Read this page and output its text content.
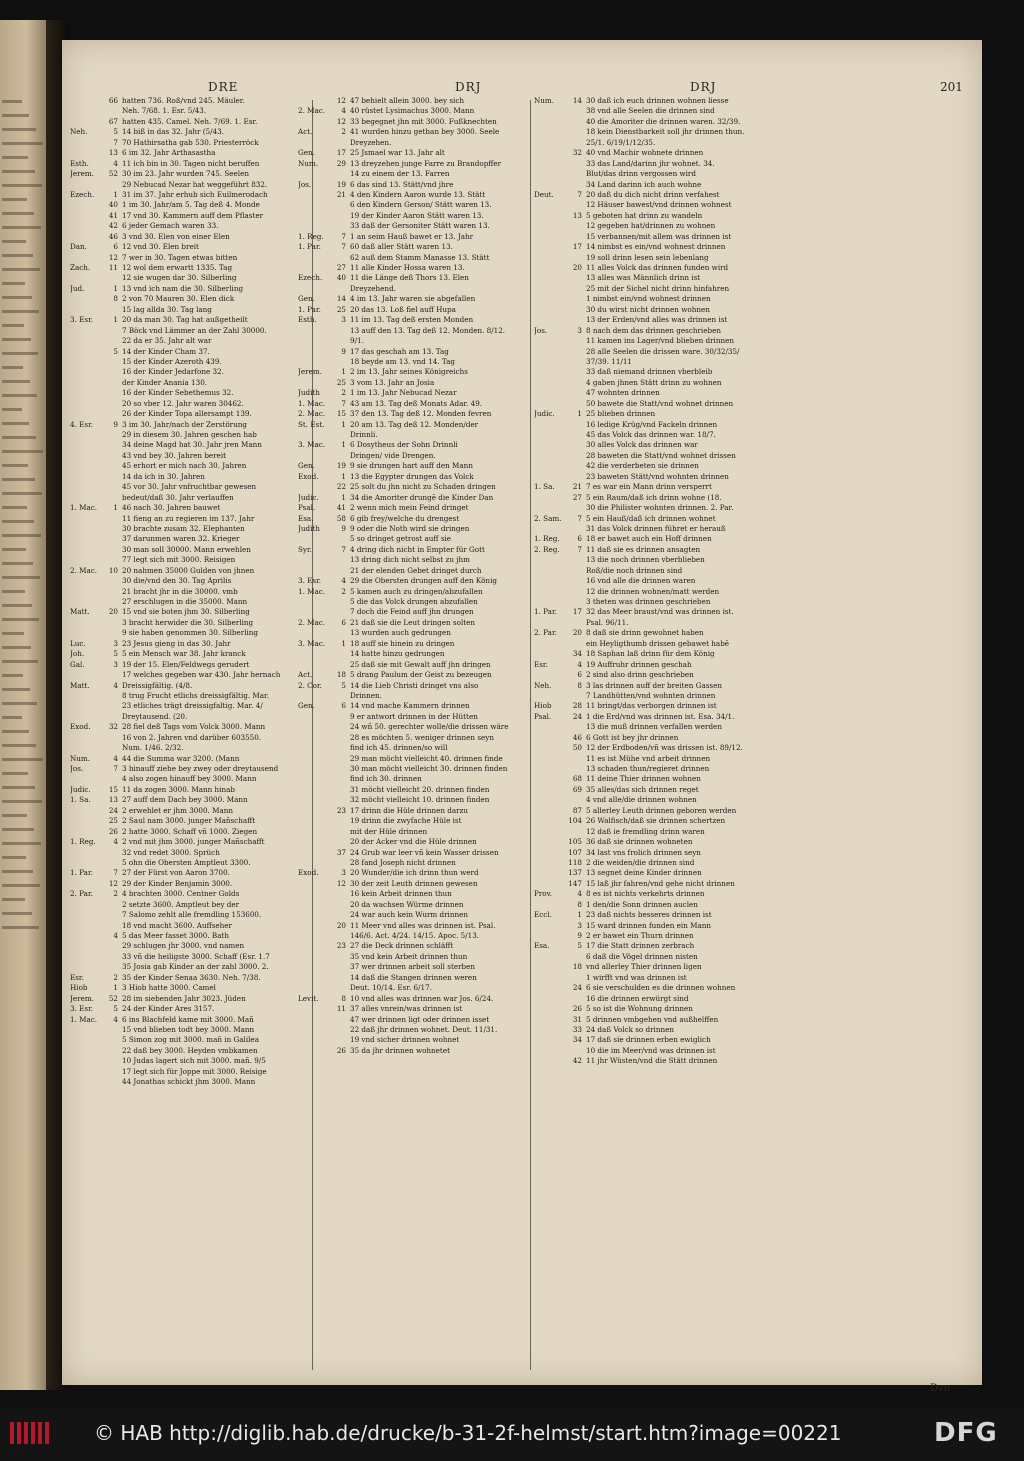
DRE	DRJ	DRJ	201
66 hatten 736. Roß/vnd 245. Mäuler.
Neh. 7/68. 1. Esr. 5/43.
67 hatten 435. Camel. Neh. 7/69. 1. Esr.
Neh.	5 14 biß in das 32. Jahr (5/43.
7 70 Hathirsatha gab 530. Priesterröck
13 6 im 32. Jahr Arthasastha
Esth.	4 11 ich bin in 30. Tagen nicht beruffen
Jerem. 52 30 im 23. Jahr wurden 745. Seelen
29 Nebucad Nezar hat weggeführt 832.
Ezech.	1 31 im 37. Jahr erhub sich Euilmerodach
40 1 im 30. Jahr/am 5. Tag deß 4. Monde
41 17 vnd 30. Kammern auff dem Pflaster
42 6 jeder Gemach waren 33.
46 3 vnd 30. Elen von einer Elen
Dan.	6 12 vnd 30. Elen breit
12 7 wer in 30. Tagen etwas bitten
Zach.	11 12 wol dem erwartt 1335. Tag
12 sie wugen dar 30. Silberling
Jud.	1 13 vnd ich nam die 30. Silberling
8 2 von 70 Mauren 30. Elen dick
15 lag allda 30. Tag lang
3. Esr.	1 20 da man 30. Tag hat außgetheilt
7 Böck vnd Lämmer an der Zahl 30000.
22 da er 35. Jahr alt war
5 14 der Kinder Cham 37.
15 der Kinder Azeroth 439.
16 der Kinder Jedarfone 32.
der Kinder Anania 130.
16 der Kinder Sebethemus 32.
20 so vber 12. Jahr waren 30462.
26 der Kinder Topa allersampt 139.
4. Esr.	9 3 im 30. Jahr/nach der Zerstörung
29 in diesem 30. Jahren geschen hab
34 deine Magd hat 30. Jahr jren Mann
43 vnd bey 30. Jahren bereit
45 erhort er mich nach 30. Jahren
14 da ich in 30. Jahren
45 vor 30. Jahr vnfruchtbar gewesen
bedeut/daß 30. Jahr verlauffen
1. Mac. 1 46 nach 30. Jahren bauwet
11 fieng an zu regieren im 137. Jahr
30 brachte zusam 32. Elephanten
37 darunmen waren 32. Krieger
30 man soll 30000. Mann erwehlen
77 legt sich mit 3000. Reisigen
2. Mac. 10 20 nahmen 35000 Gulden von jhnen
30 die/vnd den 30. Tag Aprilis
21 bracht jhr in die 30000. vmb
27 erschlugen in die 35000. Mann
Matt.	20 15 vnd sie boten jhm 30. Silberling
3 bracht herwider die 30. Silberling
9 sie haben genommen 30. Silberling
Luc.	3 23 Jesus gieng in das 30. Jahr
Joh.	5 5 ein Mensch war 38. Jahr kranck
Gal.	3 19 der 15. Elen/Feldwegs gerudert
17 welches gegeben war 430. Jahr hernach
Matt.	4 Dreissigfältig. (4/8.
8 trug Frucht etlichs dreissigfältig. Mar.
23 etliches trägt dreissigfaltig. Mar. 4/
Dreytausend. (20.
Exod.	32 28 fiel deß Tags vom Volck 3000. Mann
16 von 2. Jahren vnd darüber 603550.
Num. 1/46. 2/32.
Num.	4 44 die Summa war 3200. (Mann
Jos.	7 3 hinauff ziehe bey zwey oder dreytausend
4 also zogen hinauff bey 3000. Mann
Judic.	15 11 da zogen 3000. Mann hinab
1. Sa.	13 27 auff dem Dach bey 3000. Mann
24 2 erwehlet er jhm 3000. Mann
25 2 Saul nam 3000. junger Mañschafft
26 2 hatte 3000. Schaff vñ 1000. Ziegen
1. Reg. 4 2 vnd mit jhm 3000. junger Mañschafft
32 vnd redet 3000. Sprüch
5 ohn die Obersten Amptleut 3300.
1. Par.	7 27 der Fürst von Aaron 3700.
12 29 der Kinder Benjamin 3000.
2. Par.	2 4 brachten 3000. Centner Golds
2 setzte 3600. Amptleut bey der
7 Salomo zehlt alle fremdling 153600.
18 vnd macht 3600. Auffseher
4 5 das Meer fasset 3000. Bath
29 schlugen jhr 3000. vnd namen
33 vñ die heiligste 3000. Schaff (Esr. 1.7
35 Josia gab Kinder an der zahl 3000. 2.
Esr.	2 35 der Kinder Senaa 3630. Neh. 7/38.
Hiob	1 3 Hiob hatte 3000. Camel
Jerem. 52 28 im siebenden Jahr 3023. Jüden
3. Esr.	5 24 der Kinder Ares 3157.
1. Mac. 4 6 ins Blachfeld kame mit 3000. Mañ
15 vnd blieben todt bey 3000. Mann
5 Simon zog mit 3000. mañ in Galilea
22 daß bey 3000. Heyden vmbkamen
10 Judas lagert sich mit 3000. mañ. 9/5
17 legt sich für Joppe mit 3000. Reisige
44 Jonathas schickt jhm 3000. Mann
12 47 behielt allein 3000. bey sich
2. Mac. 4 40 rüstet Lysimachus 3000. Mann
12 33 begegnet jhn mit 3000. Fußknechten
Act.	2 41 wurden hinzu gethan bey 3000. Seele
Dreyzehen.
Gen.	17 25 Jsmael war 13. Jahr alt
Num.	29 13 dreyzehen junge Farre zu Brandopffer
14 zu einem der 13. Farren
Jos.	19 6 das sind 13. Stätt/vnd jhre
21 4 den Kindern Aaron wurde 13. Stätt
6 den Kindern Gerson/ Stätt waren 13.
19 der Kinder Aaron Stätt waren 13.
33 daß der Gersoniter Stätt waren 13.
1. Reg. 7 1 an seim Hauß bawet er 13. Jahr
1. Par.	7 60 daß aller Stätt waren 13.
62 auß dem Stamm Manasse 13. Stätt
27 11 alle Kinder Hossa waren 13.
Ezech. 40 11 die Länge deß Thors 13. Elen
Dreyzehend.
Gen.	14 4 im 13. Jahr waren sie abgefallen
1. Par. 25 20 das 13. Loß fiel auff Hupa
Esth.	3 11 im 13. Tag deß ersten Monden
13 auff den 13. Tag deß 12. Monden. 8/12.
9/1.
9 17 das geschah am 13. Tag
18 beyde am 13. vnd 14. Tag
Jerem.	1 2 im 13. Jahr seines Königreichs
25 3 vom 13. Jahr an Josia
Judith	2 1 im 13. Jahr Nebucad Nezar
1. Mac. 7 43 am 13. Tag deß Monats Adar. 49.
2. Mac. 15 37 den 13. Tag deß 12. Monden fevren
St. Est. 1 20 am 13. Tag deß 12. Monden/der
Drinnli.
3. Mac. 1 6 Dosytheus der Sohn Drinnli
Dringen/ vide Drengen.
Gen.	19 9 sie drungen hart auff den Mann
Exod.	1 13 die Egypter drungen das Volck
22 25 solt du jhn nicht zu Schaden dringen
Judic.	1 34 die Amoriter drungē die Kinder Dan
Psal.	41 2 wenn mich mein Feind dringet
Esa.	58 6 gib frey/welche du drengest
Judith	9 9 oder die Noth wird sie dringen
5 so dringet getrost auff sie
Syr.	7 4 dring dich nicht in Empter für Gott
13 dring dich nicht selbst zu jhm
21 der elenden Gebet dringet durch
3. Esr.	4 29 die Obersten drungen auff den König
1. Mac. 2 5 kamen auch zu dringen/abzufallen
5 die das Volck drungen abzufallen
7 doch die Feind auff jhn drungen
2. Mac. 6 21 daß sie die Leut dringen solten
13 wurden auch gedrungen
3. Mac. 1 18 auff sie hinein zu dringen
14 hatte hinzu gedrungen
25 daß sie mit Gewalt auff jhn dringen
Act.	18 5 drang Paulum der Geist zu bezeugen
2. Cor.	5 14 die Lieb Christi dringet vns also
Drinnen.
Gen.	6 14 vnd mache Kammern drinnen
9 er antwort drinnen in der Hütten
24 wñ 50. gerechter wolle/die drissen wäre
28 es möchten 5. weniger drinnen seyn
find ich 45. drinnen/so will
29 man möcht vielleicht 40. drinnen finde
30 man möcht vielleicht 30. drinnen finden
find ich 30. drinnen
31 möcht vielleicht 20. drinnen finden
32 möcht vielleicht 10. drinnen finden
23 17 drinn die Hüle drinnen darzu
19 drinn die zwyfache Hüle ist
mit der Hüle drinnen
20 der Acker vnd die Hüle drinnen
37 24 Grub war leer vñ kein Wasser drissen
28 fand Joseph nicht drinnen
Exod.	3 20 Wunder/die ich drinn thun werd
12 30 der zeit Leuth drinnen gewesen
16 kein Arbeit drinnen thun
20 da wachsen Würme drinnen
24 war auch kein Wurm drinnen
20 11 Meer vnd alles was drinnen ist. Psal.
146/6. Act. 4/24. 14/15. Apoc. 5/13.
23 27 die Deck drinnen schläfft
35 vnd kein Arbeit drinnen thun
37 wer drinnen arbeit soll sterben
14 daß die Stangen drinnen weren
Deut. 10/14. Esr. 6/17.
Levit.	8 10 vnd alles was drinnen war Jos. 6/24.
11 37 alles vnrein/was drinnen ist
47 wer drinnen ligt oder drinnen isset
22 daß jhr drinnen wohnet. Deut. 11/31.
19 vnd sicher drinnen wohnet
26 35 da jhr drinnen wohnetet
Num.	14 30 daß ich euch drinnen wohnen liesse
38 vnd alle Seelen die drinnen sind
40 die Amoriter die drinnen waren. 32/39.
18 kein Dienstbarkeit soll jhr drinnen thun.
25/1. 6/19/1/12/35.
32 40 vnd Machir wohnete drinnen
33 das Land/darinn jhr wohnet. 34.
Blut/das drinn vergossen wird
34 Land darinn ich auch wohne
Deut.	7 20 daß du dich nicht drinn verfahest
12 Häuser bawest/vnd drinnen wohnest
13 5 geboten hat drinn zu wandeln
12 gegeben hat/drinnen zu wohnen
15 verbannen/mit allem was drinnen ist
17 14 nimbst es ein/vnd wohnest drinnen
19 soll drinn lesen sein lebenlang
20 11 alles Volck das drinnen funden wird
13 alles was Männlich drinn ist
25 mit der Sichel nicht drinn hinfahren
1 nimbst ein/vnd wohnest drinnen
30 du wirst nicht drinnen wohnen
13 der Erden/vnd alles was drinnen ist
Jos.	3 8 nach dem das drinnen geschrieben
11 kamen ins Lager/vnd blieben drinnen
28 alle Seelen die drissen ware. 30/32/35/
37/39. 11/11
33 daß niemand drinnen vberbleib
4 gaben jhnen Stätt drinn zu wohnen
47 wohnten drinnen
50 bawete die Statt/vnd wohnet drinnen
Judic.	1 25 blieben drinnen
16 ledige Krüg/vnd Fackeln drinnen
45 das Volck das drinnen war. 18/7.
30 alles Volck das drinnen war
28 baweten die Statt/vnd wohnet drissen
42 die verderbeten sie drinnen
23 baweten Stätt/vnd wohnten drinnen
1. Sa.	21 7 es war ein Mann drinn versperrt
27 5 ein Raum/daß ich drinn wohne (18.
30 die Philister wohnten drinnen. 2. Par.
2. Sam. 7 5 ein Hauß/daß ich drinnen wohnet
31 das Volck drinnen führet er herauß
1. Reg. 6 18 er bawet auch ein Hoff drinnen
2. Reg. 7 11 daß sie es drinnen ansagten
13 die noch drinnen vberblieben
Roß/die noch drinnen sind
16 vnd alle die drinnen waren
12 die drinnen wohnen/matt werden
3 theten was drinnen geschrieben
1. Par. 17 32 das Meer braust/vnd was drinnen ist.
Psal. 96/11.
2. Par. 20 8 daß sie drinn gewohnet haben
ein Heyligthumb drissen gebawet habē
34 18 Saphan laß drinn für dem König
Esr.	4 19 Auffruhr drinnen geschah
6 2 sind also drinn geschrieben
Neh.	8 3 las drinnen auff der breiten Gassen
7 Landhütten/vnd wohnten drinnen
Hiob	28 11 bringt/das verborgen drinnen ist
Psal.	24 1 die Erd/vnd was drinnen ist. Esa. 34/1.
13 die muß drinnen verfallen werden
46 6 Gott ist bey jhr drinnen
50 12 der Erdboden/vñ was drissen ist. 89/12.
11 es ist Mühe vnd arbeit drinnen
13 schaden thun/regieret drinnen
68 11 deine Thier drinnen wohnen
69 35 alles/das sich drinnen reget
4 vnd alle/die drinnen wohnen
87 5 allerley Leuth drinnen geboren werden
104 26 Walfisch/daß sie drinnen schertzen
12 daß ie fremdling drinn waren
105 36 daß sie drinnen wohneten
107 34 last vns frolich drinnen seyn
118 2 die weiden/die drinnen sind
137 13 segnet deine Kinder drinnen
147 15 laß jhr fahren/vnd gehe nicht drinnen
Prov.	4 8 es ist nichts verkehrts drinnen
8 1 den/die Sonn drinnen auclen
Eccl.	1 23 daß nichts besseres drinnen ist
3 15 ward drinnen funden ein Mann
9 2 er bawet ein Thurn drinnen
Esa.	5 17 die Statt drinnen zerbrach
6 daß die Vögel drinnen nisten
18 vnd allerley Thier drinnen ligen
1 wirfft vnd was drinnen ist
24 6 sie verschulden es die drinnen wohnen
16 die drinnen erwürgt sind
26 5 so ist die Wohnung drinnen
31 5 drinnen vmbgehen vnd außhelffen
33 24 daß Volck so drinnen
34 17 daß sie drinnen erben ewiglich
10 die im Meer/vnd was drinnen ist
42 11 jhr Wüsten/vnd die Stätt drinnen
Dyn
© HAB http://diglib.hab.de/drucke/b-31-2f-helmst/start.htm?image=00221	DFG
